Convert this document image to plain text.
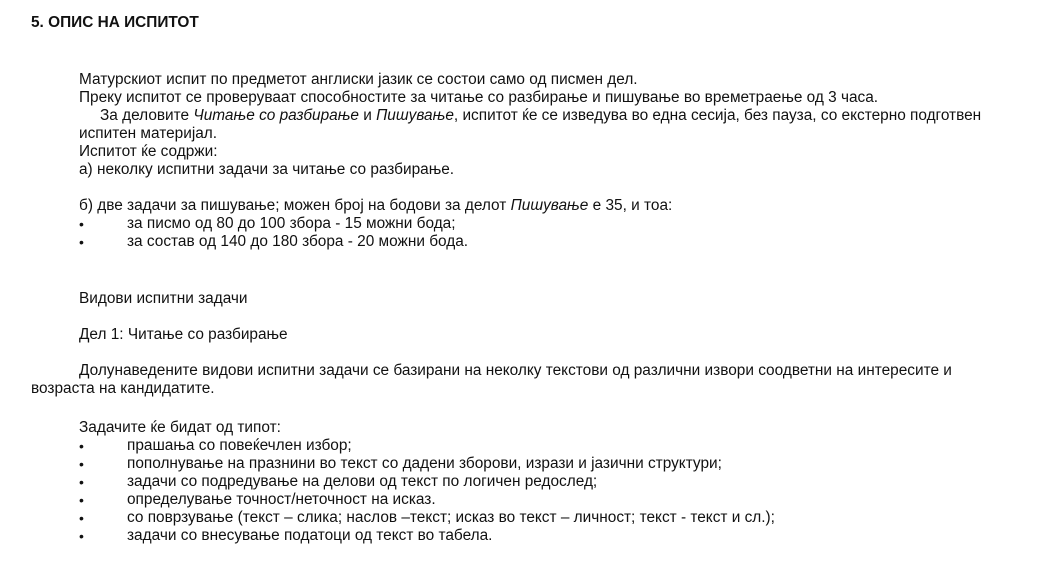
5. ОПИС НА ИСПИТОТ
Матурскиот испит по предметот англиски јазик се состои само од писмен дел.
Преку испитот се проверуваат способностите за читање со разбирање и пишување во времетраење од 3 часа.
За деловите Читање со разбирање и Пишување, испитот ќе се изведува во една сесија, без пауза, со екстерно подготвен
испитен материјал.
Испитот ќе содржи:
а) неколку испитни задачи за читање со разбирање.
б) две задачи за пишување; можен број на бодови за делот Пишување е 35, и тоа:
•	за писмо од 80 до 100 збора - 15 можни бода;
•	за состав од 140 до 180 збора - 20 можни бода.
Видови испитни задачи
Дел 1: Читање со разбирање
Долунаведените видови испитни задачи се базирани на неколку текстови од различни извори соодветни на интересите и
возраста на кандидатите.
Задачите ќе бидат од типот:
•	прашања со повеќечлен избор;
•	пополнување на празнини во текст со дадени зборови, изрази и јазични структури;
•	задачи со подредување на делови од текст по логичен редослед;
•	определување точност/неточност на исказ.
•	со поврзување (текст – слика; наслов –текст; исказ во текст – личност; текст - текст и сл.);
•	задачи со внесување податоци од текст во табела.
